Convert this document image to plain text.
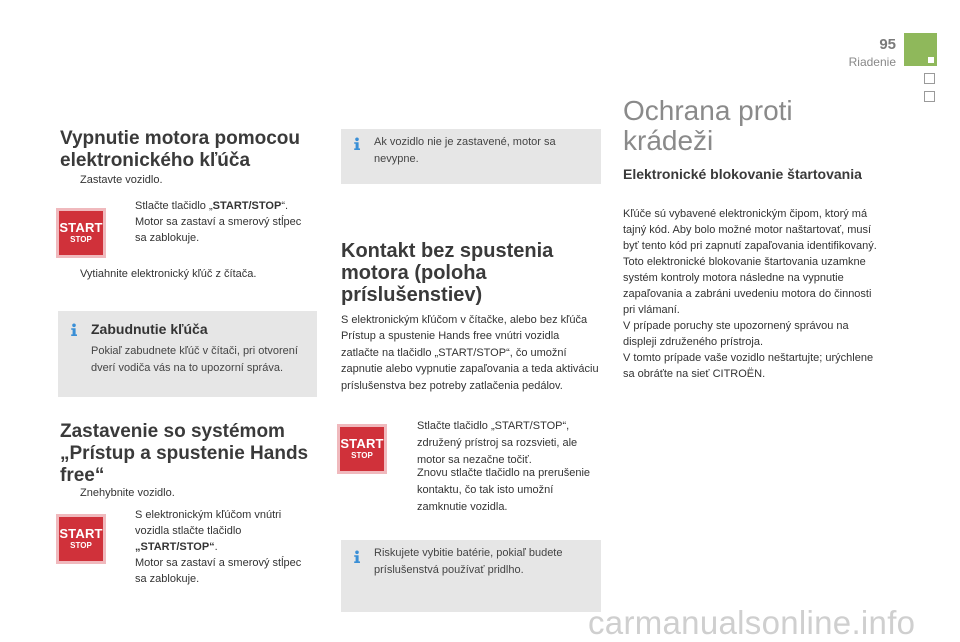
95
Riadenie
Vypnutie motora pomocou elektronického kľúča
Zastavte vozidlo.
START
STOP
Stlačte tlačidlo „START/STOP“.
Motor sa zastaví a smerový stĺpec sa zablokuje.
Vytiahnite elektronický kľúč z čítača.
Zabudnutie kľúča
Pokiaľ zabudnete kľúč v čítači, pri otvorení dverí vodiča vás na to upozorní správa.
Zastavenie so systémom „Prístup a spustenie Hands free“
Znehybnite vozidlo.
START
STOP
S elektronickým kľúčom vnútri vozidla stlačte tlačidlo
„START/STOP“.
Motor sa zastaví a smerový stĺpec sa zablokuje.
Ak vozidlo nie je zastavené, motor sa nevypne.
Kontakt bez spustenia motora (poloha príslušenstiev)
S elektronickým kľúčom v čítačke, alebo bez kľúča Prístup a spustenie Hands free vnútri vozidla zatlačte na tlačidlo „START/STOP“, čo umožní zapnutie alebo vypnutie zapaľovania a teda aktiváciu príslušenstva bez potreby zatlačenia pedálov.
START
STOP
Stlačte tlačidlo „START/STOP“, združený prístroj sa rozsvieti, ale motor sa nezačne točiť.
Znovu stlačte tlačidlo na prerušenie kontaktu, čo tak isto umožní zamknutie vozidla.
Riskujete vybitie batérie, pokiaľ budete príslušenstvá používať pridlho.
Ochrana proti krádeži
Elektronické blokovanie štartovania
Kľúče sú vybavené elektronickým čipom, ktorý má tajný kód. Aby bolo možné motor naštartovať, musí byť tento kód pri zapnutí zapaľovania identifikovaný.
Toto elektronické blokovanie štartovania uzamkne systém kontroly motora následne na vypnutie zapaľovania a zabráni uvedeniu motora do činnosti pri vlámaní.
V prípade poruchy ste upozornený správou na displeji združeného prístroja.
V tomto prípade vaše vozidlo neštartujte; urýchlene sa obráťte na sieť CITROËN.
carmanualsonline.info
